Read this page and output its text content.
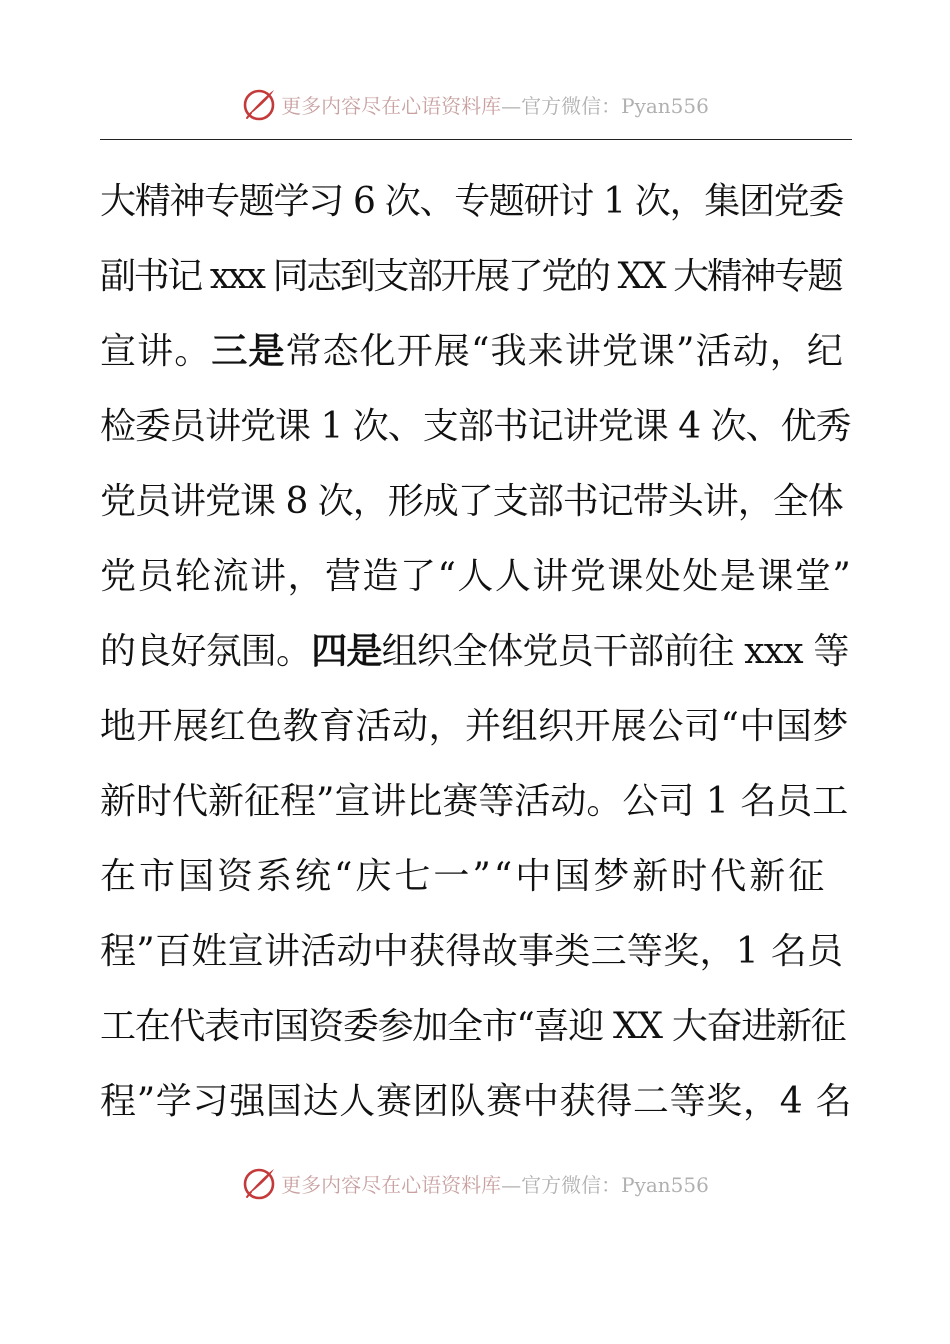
更多内容尽在心语资料库—官方微信：Pyan556
大精神专题学习 6 次、专题研讨 1 次，集团党委
副书记 xxx 同志到支部开展了党的 XX 大精神专题
宣讲。三是常态化开展“我来讲党课”活动，纪
检委员讲党课 1 次、支部书记讲党课 4 次、优秀
党员讲党课 8 次，形成了支部书记带头讲，全体
党员轮流讲，营造了“人人讲党课处处是课堂”
的良好氛围。四是组织全体党员干部前往 xxx 等
地开展红色教育活动，并组织开展公司“中国梦
新时代新征程”宣讲比赛等活动。公司 1 名员工
在市国资系统“庆七一”“中国梦新时代新征
程”百姓宣讲活动中获得故事类三等奖，1 名员
工在代表市国资委参加全市“喜迎 XX 大奋进新征
程”学习强国达人赛团队赛中获得二等奖，4 名
更多内容尽在心语资料库—官方微信：Pyan556
